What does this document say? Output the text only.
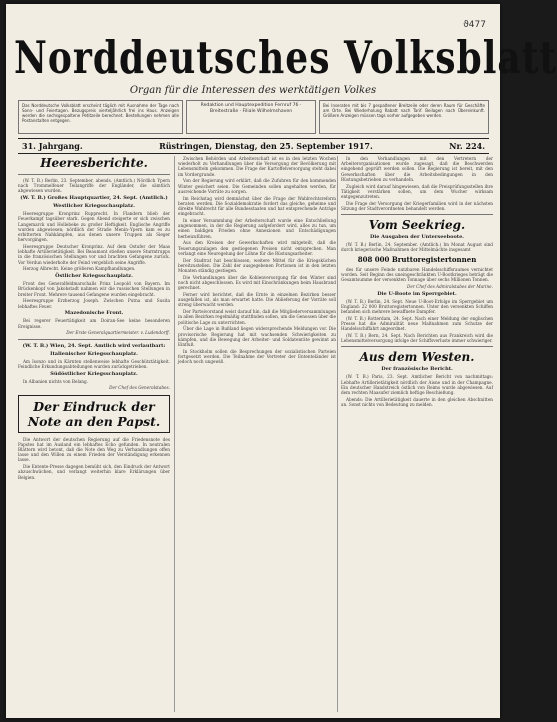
ϑ477
Norddeutsches Volksblatt
Organ für die Interessen des werktätigen Volkes
Das Norddeutsche Volksblatt erscheint täglich mit Ausnahme der Tage nach Sonn- und Feiertagen. Bezugspreis vierteljährlich frei ins Haus. Anzeigen werden die sechsgespaltene Petitzeile berechnet. Bestellungen nehmen alle Postanstalten entgegen.
Redaktion und Hauptexpedition Fernruf 76 · Breitestraße · Filiale Wilhelmshaven
Bei Inseraten mit bis 7 gespaltener Breitzeile oder deren Raum für Geschäfte am Orte. Bei Wiederholung Rabatt nach Tarif. Beilagen nach Übereinkunft. Größere Anzeigen müssen tags vorher aufgegeben werden.
31. Jahrgang.	Rüstringen, Dienstag, den 25. September 1917.	Nr. 224.
Heeresberichte.

(W. T. B.) Berlin, 23. September, abends. (Amtlich.) Nördlich Ypern nach Trommelfeuer Teilangriffe der Engländer, die sämtlich abgewiesen wurden.

(W. T. B.) Großes Hauptquartier, 24. Sept. (Amtlich.)
Westlicher Kriegsschauplatz.

Heeresgruppe Kronprinz Rupprecht. In Flandern blieb der Feuerkampf tagsüber stark. Gegen Abend steigerte er sich zwischen Langemarck und Hollebeke zu großer Heftigkeit. Englische Angriffe wurden abgewiesen; nördlich der Straße Menin–Ypern kam es zu erbitterten Nahkämpfen, aus denen unsere Truppen als Sieger hervorgingen.

Heeresgruppe Deutscher Kronprinz. Auf dem Ostufer der Maas lebhafte Artillerietätigkeit. Bei Beaumont stießen unsere Sturmtrupps in die französischen Stellungen vor und brachten Gefangene zurück. Vor Verdun wiederholte der Feind vergeblich seine Angriffe.

Herzog Albrecht. Keine größeren Kampfhandlungen.

Östlicher Kriegsschauplatz.

Front des Generalfeldmarschalls Prinz Leopold von Bayern. Im Brückenkopf von Jakobstadt nahmen wir die russischen Stellungen in breiter Front. Mehrere tausend Gefangene wurden eingebracht.

Heeresgruppe Erzherzog Joseph. Zwischen Putna und Susita lebhaftes Feuer.

Mazedonische Front.

Bei regerer Feuertätigkeit am Doiran-See keine besonderen Ereignisse.

Der Erste Generalquartiermeister. v. Ludendorff.

(W. T. B.) Wien, 24. Sept. Amtlich wird verlautbart:
Italienischer Kriegsschauplatz.

Am Isonzo und in Kärnten stellenweise lebhafte Geschütztätigkeit. Feindliche Erkundungsabteilungen wurden zurückgetrieben.

Südöstlicher Kriegsschauplatz.

In Albanien nichts von Belang.

Der Chef des Generalstabes.

Der Eindruck der Note an den Papst.

Die Antwort der deutschen Regierung auf die Friedensnote des Papstes hat im Ausland ein lebhaftes Echo gefunden. In neutralen Blättern wird betont, daß die Note den Weg zu Verhandlungen offen lasse und den Willen zu einem Frieden der Verständigung erkennen lasse.

Die Entente-Presse dagegen bemüht sich, den Eindruck der Antwort abzuschwächen, und verlangt weiterhin klare Erklärungen über Belgien.

Zwischen Behörden und Arbeiterschaft ist es in den letzten Wochen wiederholt zu Verhandlungen über die Versorgung der Bevölkerung mit Lebensmitteln gekommen. Die Frage der Kartoffelversorgung steht dabei im Vordergrunde.

Von der Regierung wird erklärt, daß die Zufuhren für den kommenden Winter gesichert seien. Die Gemeinden sollen angehalten werden, für ausreichende Vorräte zu sorgen.

Im Reichstag wird demnächst über die Frage der Wahlrechtsreform beraten werden. Die Sozialdemokratie fordert das gleiche, geheime und direkte Wahlrecht für alle Bundesstaaten und hat entsprechende Anträge eingebracht.

In einer Versammlung der Arbeiterschaft wurde eine Entschließung angenommen, in der die Regierung aufgefordert wird, alles zu tun, um einen baldigen Frieden ohne Annexionen und Entschädigungen herbeizuführen.

Aus den Kreisen der Gewerkschaften wird mitgeteilt, daß die Teuerungszulagen den gestiegenen Preisen nicht entsprechen. Man verlangt eine Neuregelung der Löhne für die Rüstungsarbeiter.

Der Stadtrat hat beschlossen, weitere Mittel für die Kriegsküchen bereitzustellen. Die Zahl der ausgegebenen Portionen ist in den letzten Monaten ständig gestiegen.

Die Verhandlungen über die Kohlenversorgung für den Winter sind noch nicht abgeschlossen. Es wird mit Einschränkungen beim Hausbrand gerechnet.

Ferner wird berichtet, daß die Ernte in einzelnen Bezirken besser ausgefallen ist, als man erwartet hatte. Die Ablieferung der Vorräte soll streng überwacht werden.

Der Parteivorstand weist darauf hin, daß die Mitgliederversammlungen in allen Bezirken regelmäßig stattfinden sollen, um die Genossen über die politische Lage zu unterrichten.

Über die Lage in Rußland liegen widersprechende Meldungen vor. Die provisorische Regierung hat mit wachsenden Schwierigkeiten zu kämpfen, und die Bewegung der Arbeiter- und Soldatenräte gewinnt an Einfluß.

In Stockholm sollen die Besprechungen der sozialistischen Parteien fortgesetzt werden. Die Teilnahme der Vertreter der Ententeländer ist jedoch noch ungewiß.

In den Verhandlungen mit den Vertretern der Arbeiterorganisationen wurde zugesagt, daß die Beschwerden eingehend geprüft werden sollen. Die Regierung ist bereit, mit den Gewerkschaften über die Arbeitsbedingungen in den Rüstungsbetrieben zu verhandeln.

Zugleich wird darauf hingewiesen, daß die Preisprüfungsstellen ihre Tätigkeit verstärken sollen, um dem Wucher wirksam entgegenzutreten.

Die Frage der Versorgung der Kriegerfamilien wird in der nächsten Sitzung der Stadtverordneten behandelt werden.

Vom Seekrieg.
Die Ausgaben der Unterseeboote.

(W. T. B.) Berlin, 24. September. (Amtlich.) Im Monat August sind durch kriegerische Maßnahmen der Mittelmächte insgesamt

808 000 Bruttoregistertonnen

des für unsere Feinde nutzbaren Handelsschiffsraumes vernichtet worden. Seit Beginn des uneingeschränkten U-Bootkrieges beträgt die Gesamtsumme der versenkten Tonnage über sechs Millionen Tonnen.

Der Chef des Admiralstabes der Marine.

Die U-Boote im Sperrgebiet.

(W. T. B.) Berlin, 24. Sept. Neue U-Boot-Erfolge im Sperrgebiet um England: 22 000 Bruttoregistertonnen. Unter den versenkten Schiffen befanden sich mehrere bewaffnete Dampfer.

(W. T. B.) Rotterdam, 24. Sept. Nach einer Meldung der englischen Presse hat die Admiralität neue Maßnahmen zum Schutze der Handelsschiffahrt angeordnet.

(W. T. B.) Bern, 24. Sept. Nach Berichten aus Frankreich wird die Lebensmittelversorgung infolge der Schiffsverluste immer schwieriger.

Aus dem Westen.
Der französische Bericht.

(W. T. B.) Paris, 23. Sept. Amtlicher Bericht von nachmittags: Lebhafte Artillerietätigkeit nördlich der Aisne und in der Champagne. Ein deutscher Handstreich östlich von Reims wurde abgewiesen. Auf dem rechten Maasufer ziemlich heftige Beschießung.

Abends: Die Artillerietätigkeit dauerte in den gleichen Abschnitten an. Sonst nichts von Bedeutung zu melden.
